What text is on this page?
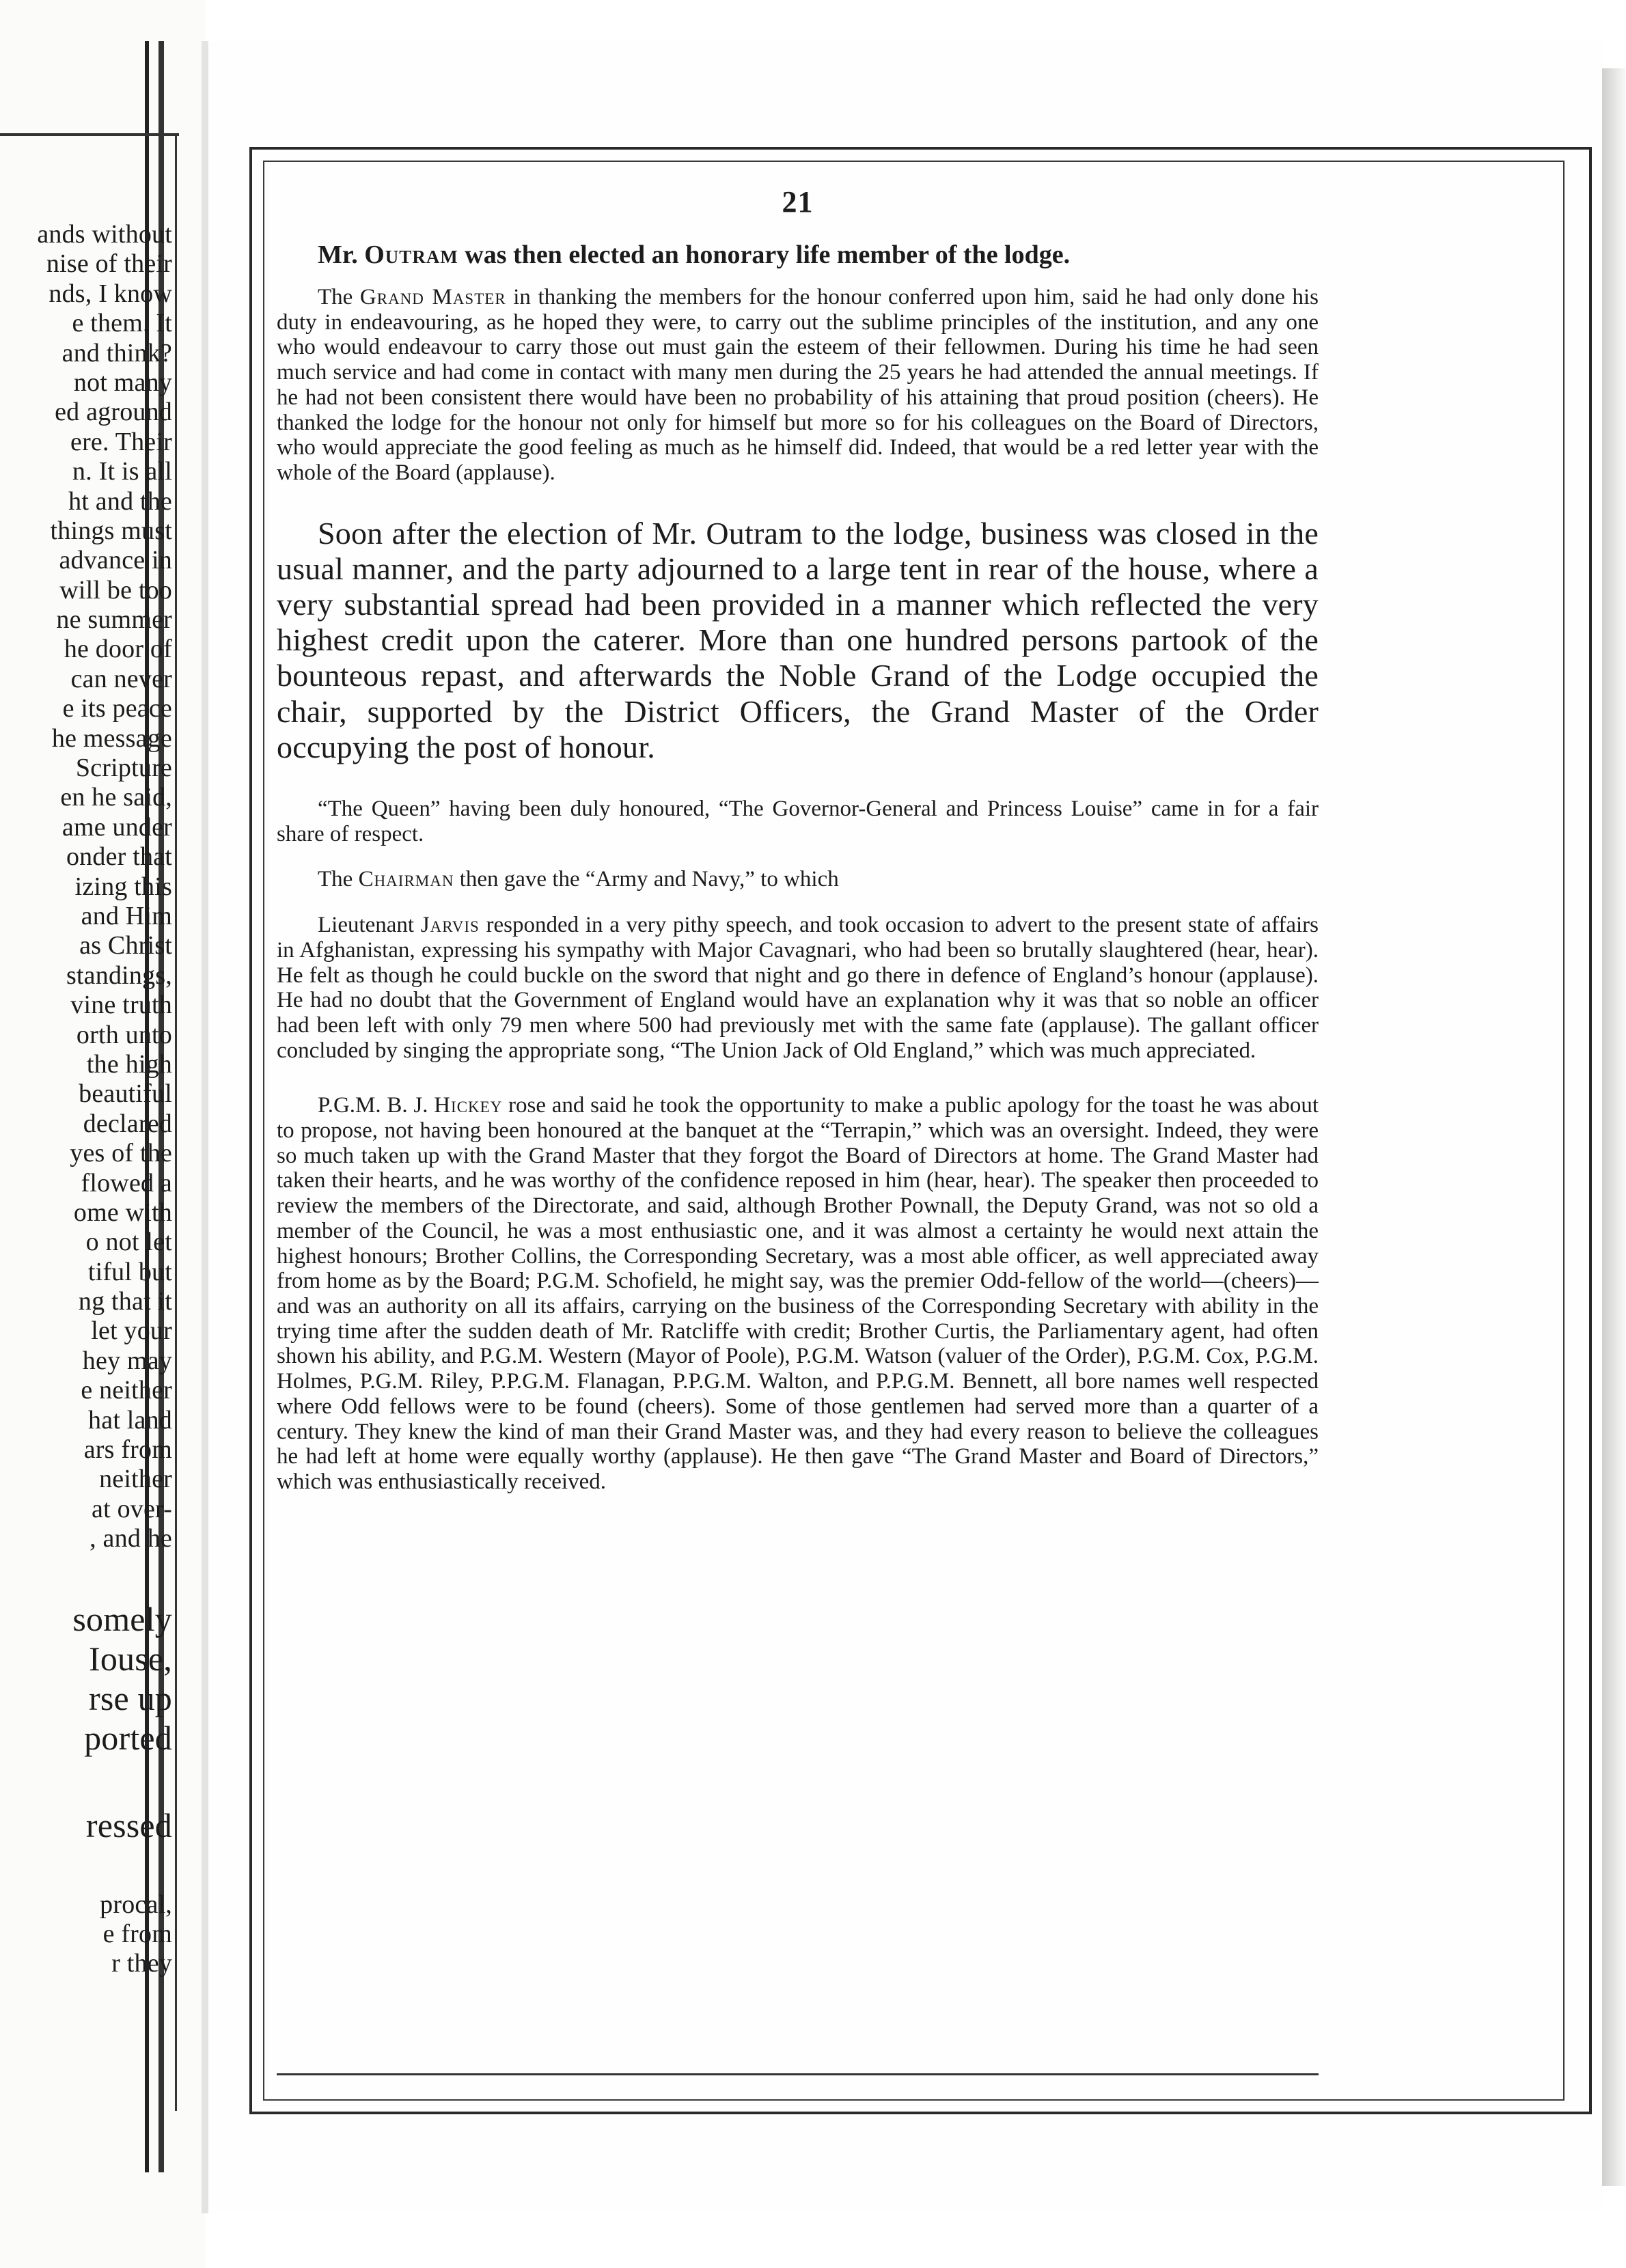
ands without
nise of their
nds, I know
e them. It
and think?
not many
ed aground
ere. Their
n. It is all
ht and the
things must
advance in
will be too
ne summer
he door of
can never
e its peace
he message
Scripture
en he said,
ame under
onder that
izing this
and Him
as Christ
standings,
vine truth
orth unto
the high
beautiful
declared
yes of the
flowed a
ome with
o not let
tiful but
ng that it
let your
hey may
e neither
hat land
ars from
neither
at over-
, and he
somely
Iouse,
rse up
ported
ressed
procal,
e from
r they
21

Mr. Outram was then elected an honorary life member of the lodge.

The Grand Master in thanking the members for the honour conferred upon him, said he had only done his duty in endeavouring, as he hoped they were, to carry out the sublime principles of the institution, and any one who would endeavour to carry those out must gain the esteem of their fellowmen. During his time he had seen much service and had come in contact with many men during the 25 years he had attended the annual meetings. If he had not been consistent there would have been no probability of his attaining that proud position (cheers). He thanked the lodge for the honour not only for himself but more so for his colleagues on the Board of Directors, who would appreciate the good feeling as much as he himself did. Indeed, that would be a red letter year with the whole of the Board (applause).

Soon after the election of Mr. Outram to the lodge, business was closed in the usual manner, and the party adjourned to a large tent in rear of the house, where a very substantial spread had been provided in a manner which reflected the very highest credit upon the caterer. More than one hundred persons partook of the bounteous repast, and afterwards the Noble Grand of the Lodge occupied the chair, supported by the District Officers, the Grand Master of the Order occupying the post of honour.

“The Queen” having been duly honoured, “The Governor-General and Princess Louise” came in for a fair share of respect.

The Chairman then gave the “Army and Navy,” to which

Lieutenant Jarvis responded in a very pithy speech, and took occasion to advert to the present state of affairs in Afghanistan, expressing his sympathy with Major Cavagnari, who had been so brutally slaughtered (hear, hear). He felt as though he could buckle on the sword that night and go there in defence of England’s honour (applause). He had no doubt that the Government of England would have an explanation why it was that so noble an officer had been left with only 79 men where 500 had previously met with the same fate (applause). The gallant officer concluded by singing the appropriate song, “The Union Jack of Old England,” which was much appreciated.

P.G.M. B. J. Hickey rose and said he took the opportunity to make a public apology for the toast he was about to propose, not having been honoured at the banquet at the “Terrapin,” which was an oversight. Indeed, they were so much taken up with the Grand Master that they forgot the Board of Directors at home. The Grand Master had taken their hearts, and he was worthy of the confidence reposed in him (hear, hear). The speaker then proceeded to review the members of the Directorate, and said, although Brother Pownall, the Deputy Grand, was not so old a member of the Council, he was a most enthusiastic one, and it was almost a certainty he would next attain the highest honours; Brother Collins, the Corresponding Secretary, was a most able officer, as well appreciated away from home as by the Board; P.G.M. Schofield, he might say, was the premier Odd-fellow of the world—(cheers)—and was an authority on all its affairs, carrying on the business of the Corresponding Secretary with ability in the trying time after the sudden death of Mr. Ratcliffe with credit; Brother Curtis, the Parliamentary agent, had often shown his ability, and P.G.M. Western (Mayor of Poole), P.G.M. Watson (valuer of the Order), P.G.M. Cox, P.G.M. Holmes, P.G.M. Riley, P.P.G.M. Flanagan, P.P.G.M. Walton, and P.P.G.M. Bennett, all bore names well respected where Odd fellows were to be found (cheers). Some of those gentlemen had served more than a quarter of a century. They knew the kind of man their Grand Master was, and they had every reason to believe the colleagues he had left at home were equally worthy (applause). He then gave “The Grand Master and Board of Directors,” which was enthusiastically received.
